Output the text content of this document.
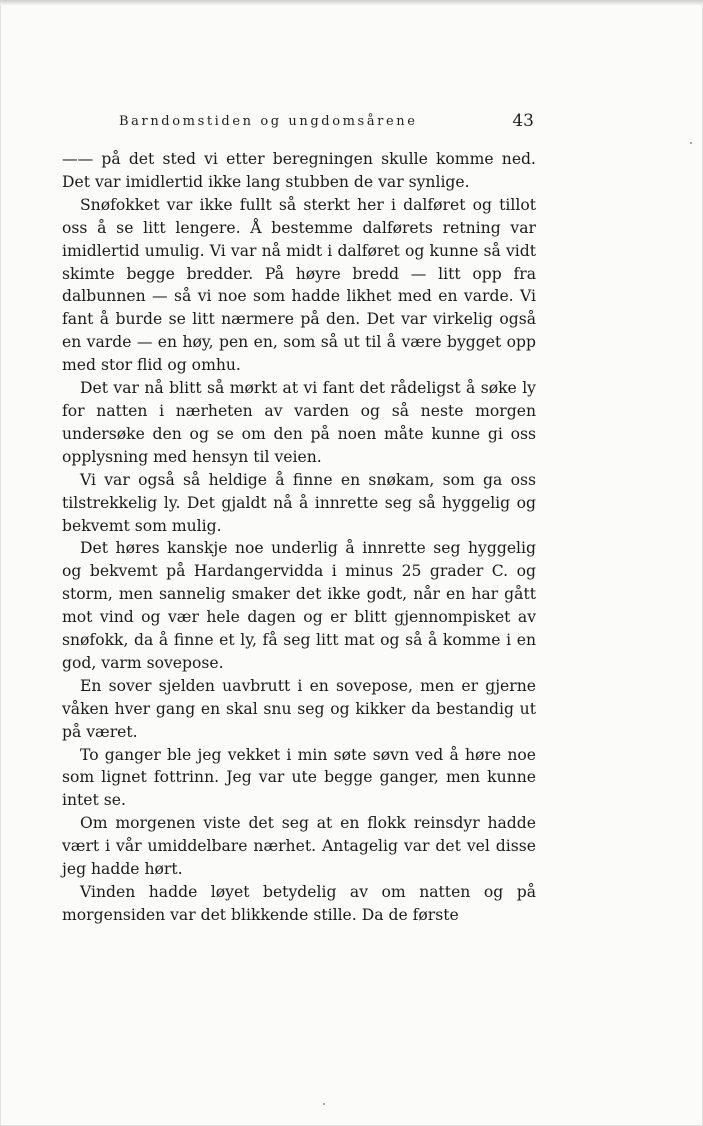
Barndomstiden og ungdomsårene	43

—— på det sted vi etter beregningen skulle komme ned. Det var imidlertid ikke lang stubben de var synlige.

Snøfokket var ikke fullt så sterkt her i dalføret og tillot oss å se litt lengere. Å bestemme dalførets retning var imidlertid umulig. Vi var nå midt i dalføret og kunne så vidt skimte begge bredder. På høyre bredd — litt opp fra dalbunnen — så vi noe som hadde likhet med en varde. Vi fant å burde se litt nærmere på den. Det var virkelig også en varde — en høy, pen en, som så ut til å være bygget opp med stor flid og omhu.

Det var nå blitt så mørkt at vi fant det rådeligst å søke ly for natten i nærheten av varden og så neste morgen undersøke den og se om den på noen måte kunne gi oss opplysning med hensyn til veien.

Vi var også så heldige å finne en snøkam, som ga oss tilstrekkelig ly. Det gjaldt nå å innrette seg så hyggelig og bekvemt som mulig.

Det høres kanskje noe underlig å innrette seg hyggelig og bekvemt på Hardangervidda i minus 25 grader C. og storm, men sannelig smaker det ikke godt, når en har gått mot vind og vær hele dagen og er blitt gjennompisket av snøfokk, da å finne et ly, få seg litt mat og så å komme i en god, varm sovepose.

En sover sjelden uavbrutt i en sovepose, men er gjerne våken hver gang en skal snu seg og kikker da bestandig ut på været.

To ganger ble jeg vekket i min søte søvn ved å høre noe som lignet fottrinn. Jeg var ute begge ganger, men kunne intet se.

Om morgenen viste det seg at en flokk reinsdyr hadde vært i vår umiddelbare nærhet. Antagelig var det vel disse jeg hadde hørt.

Vinden hadde løyet betydelig av om natten og på morgensiden var det blikkende stille. Da de første
